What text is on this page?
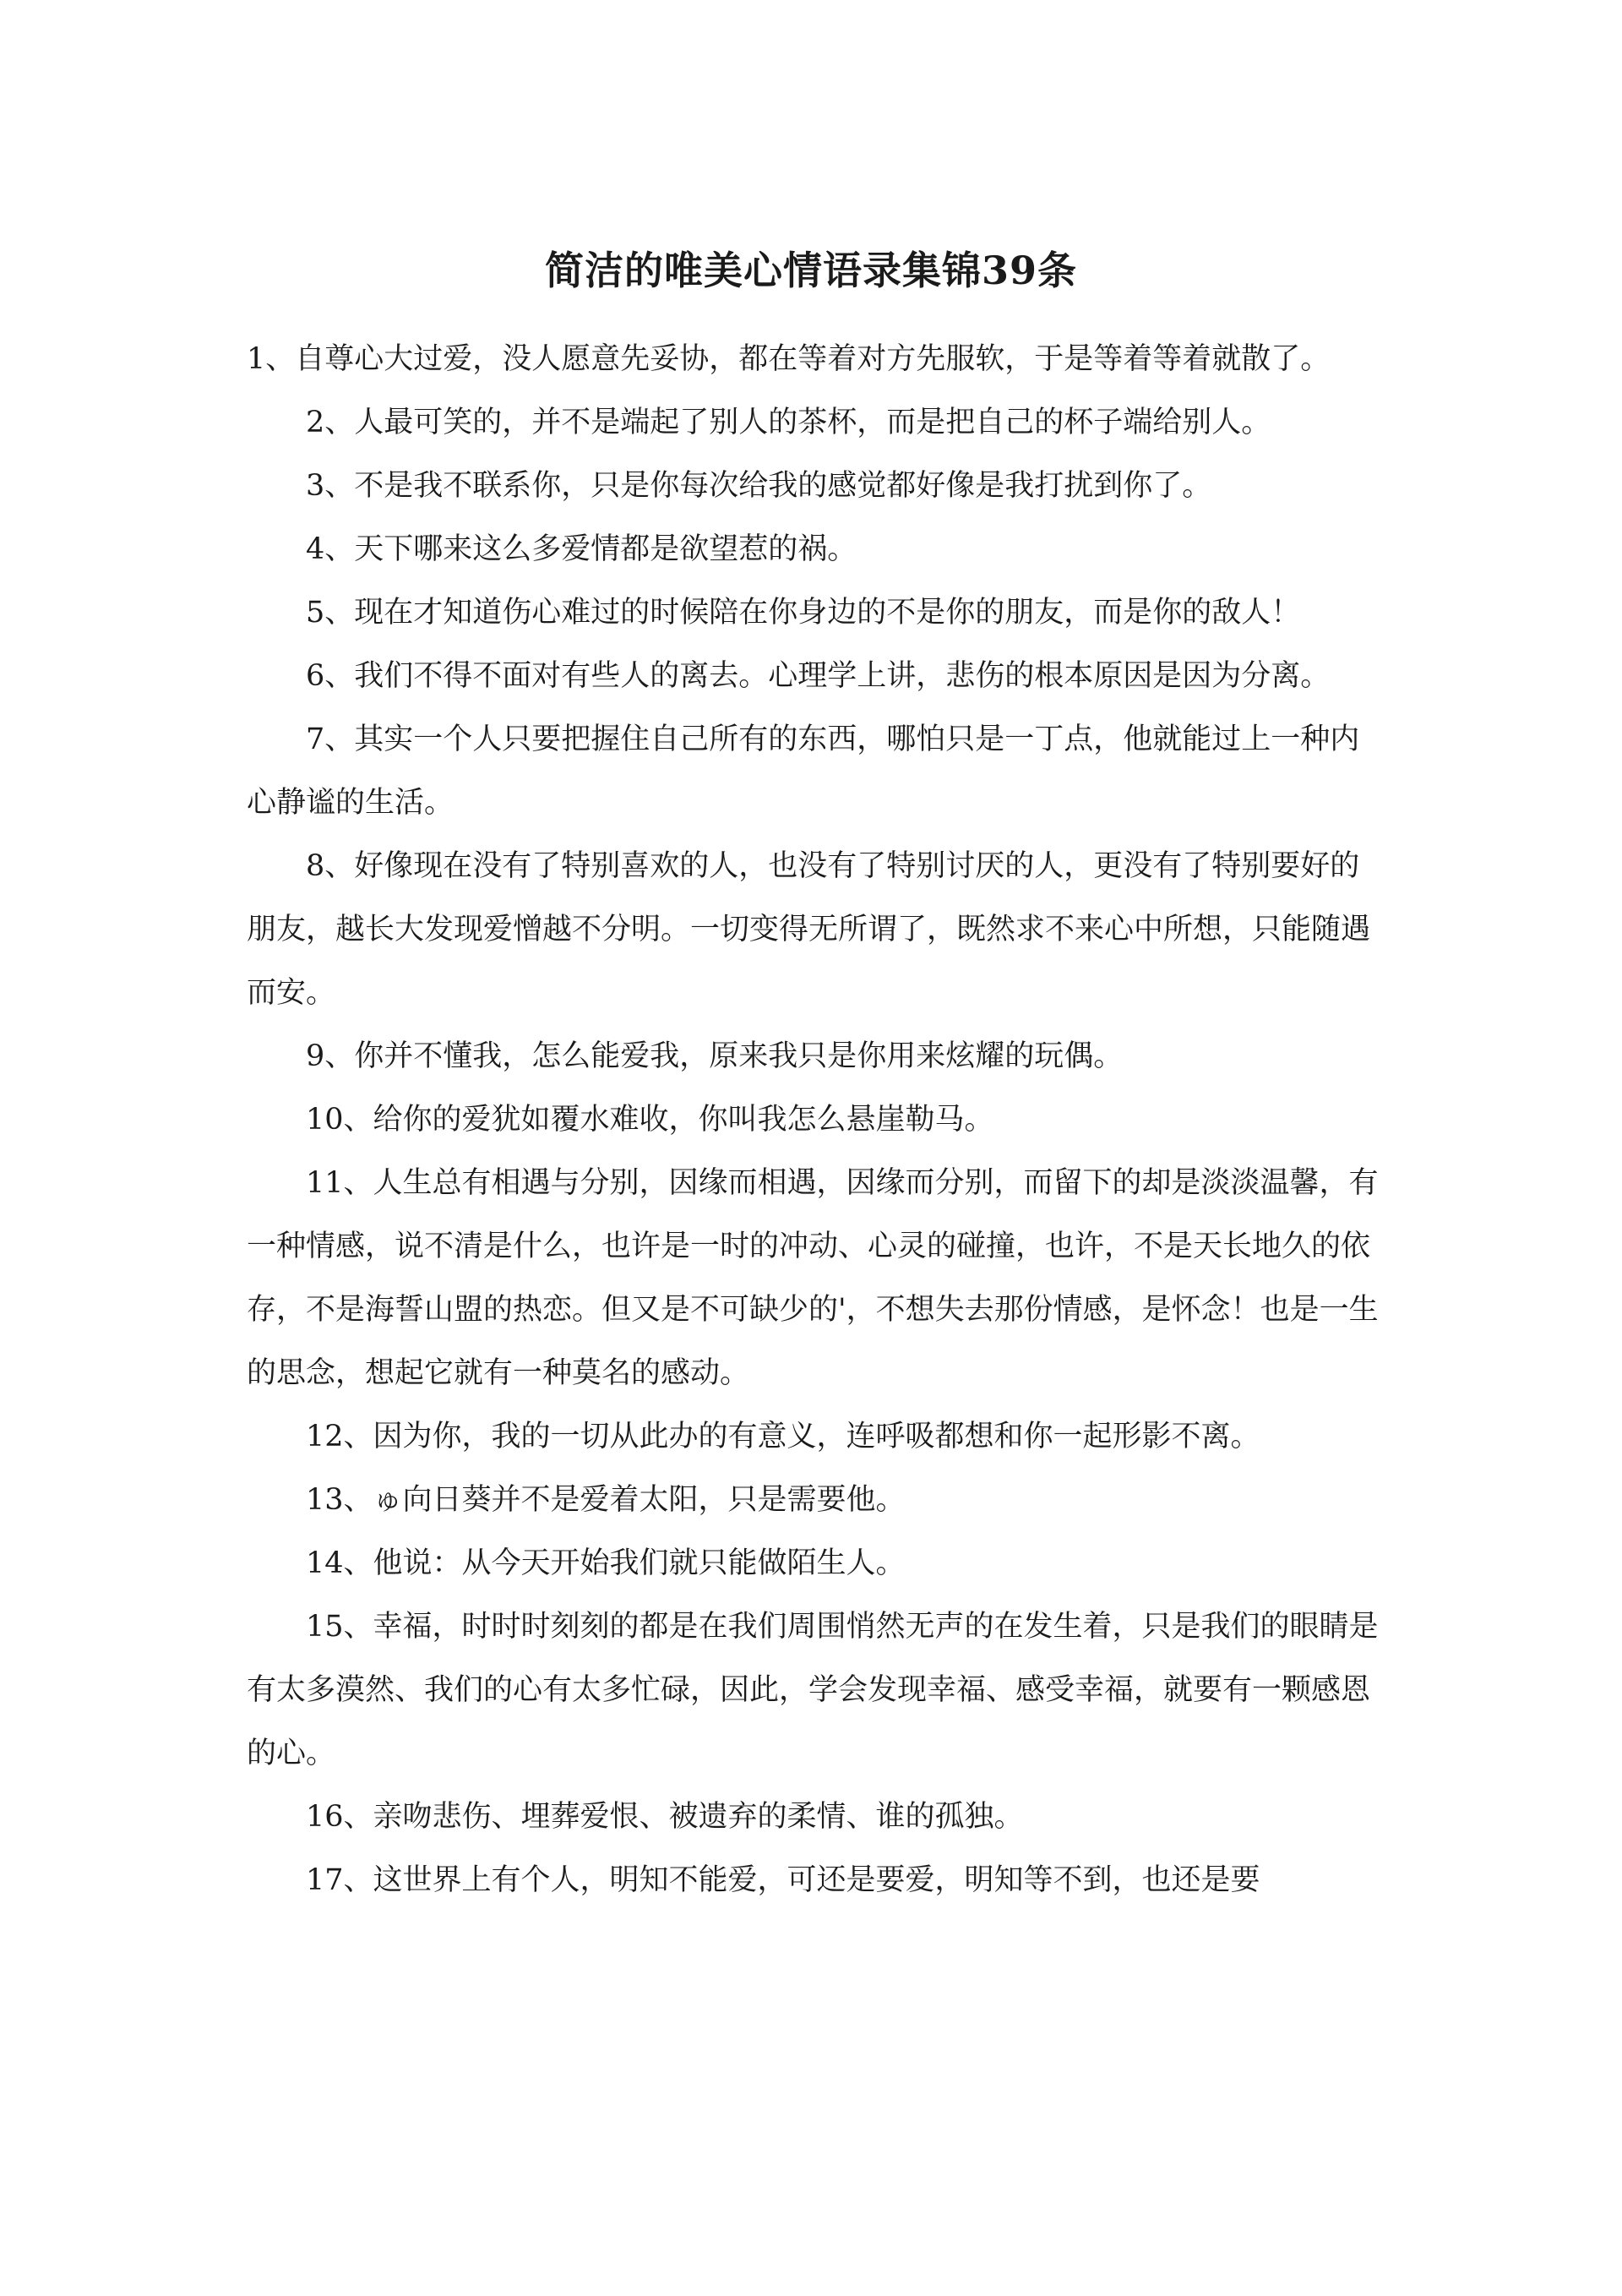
简洁的唯美心情语录集锦39条

1、自尊心大过爱，没人愿意先妥协，都在等着对方先服软，于是等着等着就散了。

2、人最可笑的，并不是端起了别人的茶杯，而是把自己的杯子端给别人。

3、不是我不联系你，只是你每次给我的感觉都好像是我打扰到你了。

4、天下哪来这么多爱情都是欲望惹的祸。

5、现在才知道伤心难过的时候陪在你身边的不是你的朋友，而是你的敌人！

6、我们不得不面对有些人的离去。心理学上讲，悲伤的根本原因是因为分离。

7、其实一个人只要把握住自己所有的东西，哪怕只是一丁点，他就能过上一种内心静谧的生活。

8、好像现在没有了特别喜欢的人，也没有了特别讨厌的人，更没有了特别要好的朋友，越长大发现爱憎越不分明。一切变得无所谓了，既然求不来心中所想，只能随遇而安。

9、你并不懂我，怎么能爱我，原来我只是你用来炫耀的玩偶。

10、给你的爱犹如覆水难收，你叫我怎么悬崖勒马。

11、人生总有相遇与分别，因缘而相遇，因缘而分别，而留下的却是淡淡温馨，有一种情感，说不清是什么，也许是一时的冲动、心灵的碰撞，也许，不是天长地久的依存，不是海誓山盟的热恋。但又是不可缺少的'，不想失去那份情感，是怀念！也是一生的思念，想起它就有一种莫名的感动。

12、因为你，我的一切从此办的有意义，连呼吸都想和你一起形影不离。

13、ゅ向日葵并不是爱着太阳，只是需要他。

14、他说：从今天开始我们就只能做陌生人。

15、幸福，时时时刻刻的都是在我们周围悄然无声的在发生着，只是我们的眼睛是有太多漠然、我们的心有太多忙碌，因此，学会发现幸福、感受幸福，就要有一颗感恩的心。

16、亲吻悲伤、埋葬爱恨、被遗弃的柔情、谁的孤独。

17、这世界上有个人，明知不能爱，可还是要爱，明知等不到，也还是要
